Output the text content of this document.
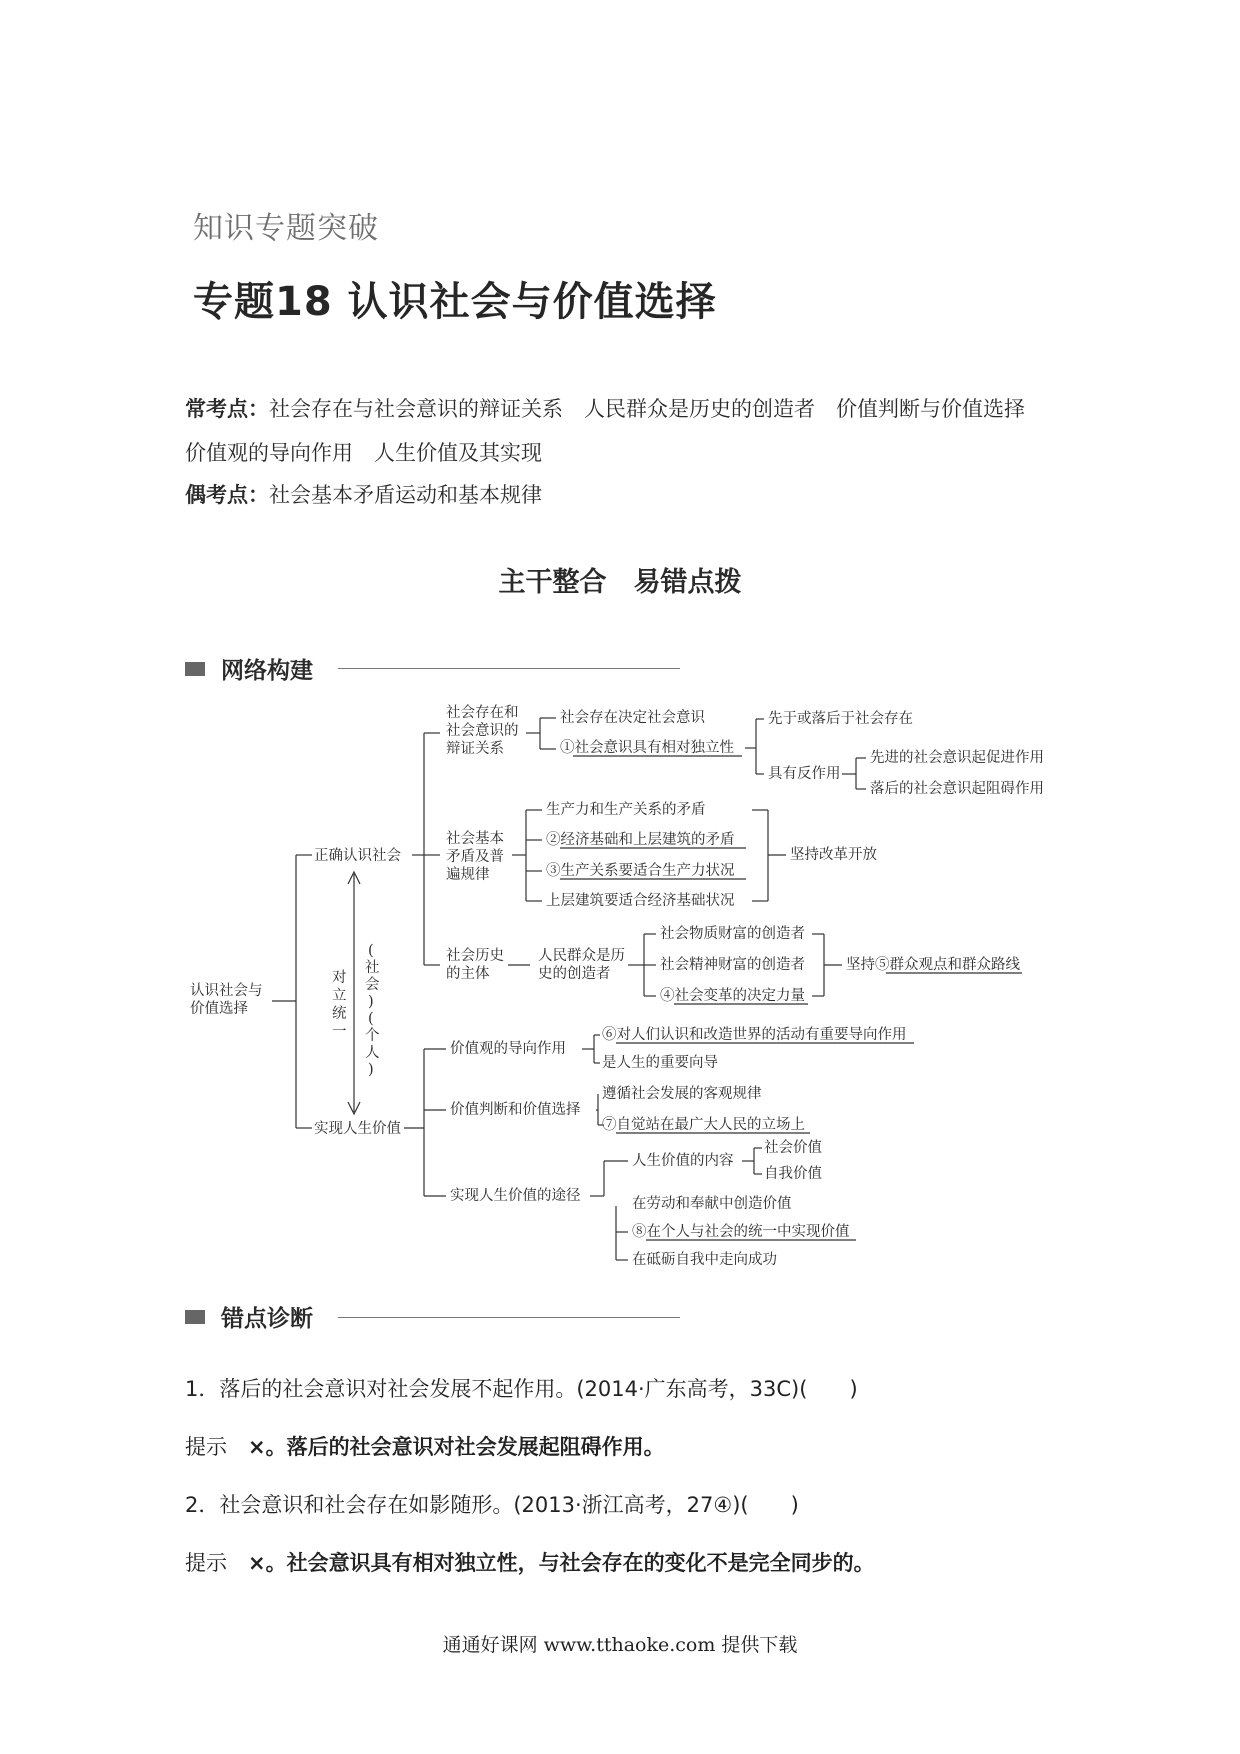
知识专题突破
专题18 认识社会与价值选择
常考点：社会存在与社会意识的辩证关系　人民群众是历史的创造者　价值判断与价值选择
价值观的导向作用　人生价值及其实现
偶考点：社会基本矛盾运动和基本规律
主干整合　易错点拨
网络构建
认识社会与
价值选择
正确认识社会
实现人生价值
对
立
统
一
(
社
会
)
(
个
人
)
社会存在和
社会意识的
辩证关系
社会存在决定社会意识
①社会意识具有相对独立性
先于或落后于社会存在
具有反作用
先进的社会意识起促进作用
落后的社会意识起阻碍作用
社会基本
矛盾及普
遍规律
生产力和生产关系的矛盾
②经济基础和上层建筑的矛盾
③生产关系要适合生产力状况
上层建筑要适合经济基础状况
坚持改革开放
社会历史
的主体
人民群众是历
史的创造者
社会物质财富的创造者
社会精神财富的创造者
④社会变革的决定力量
坚持⑤群众观点和群众路线
价值观的导向作用
⑥对人们认识和改造世界的活动有重要导向作用
是人生的重要向导
价值判断和价值选择
遵循社会发展的客观规律
⑦自觉站在最广大人民的立场上
实现人生价值的途径
人生价值的内容
社会价值
自我价值
在劳动和奉献中创造价值
⑧在个人与社会的统一中实现价值
在砥砺自我中走向成功
错点诊断
1．落后的社会意识对社会发展不起作用。(2014·广东高考，33C)(　　)
提示　×。落后的社会意识对社会发展起阻碍作用。
2．社会意识和社会存在如影随形。(2013·浙江高考，27④)(　　)
提示　×。社会意识具有相对独立性，与社会存在的变化不是完全同步的。
通通好课网 www.tthaoke.com 提供下载
